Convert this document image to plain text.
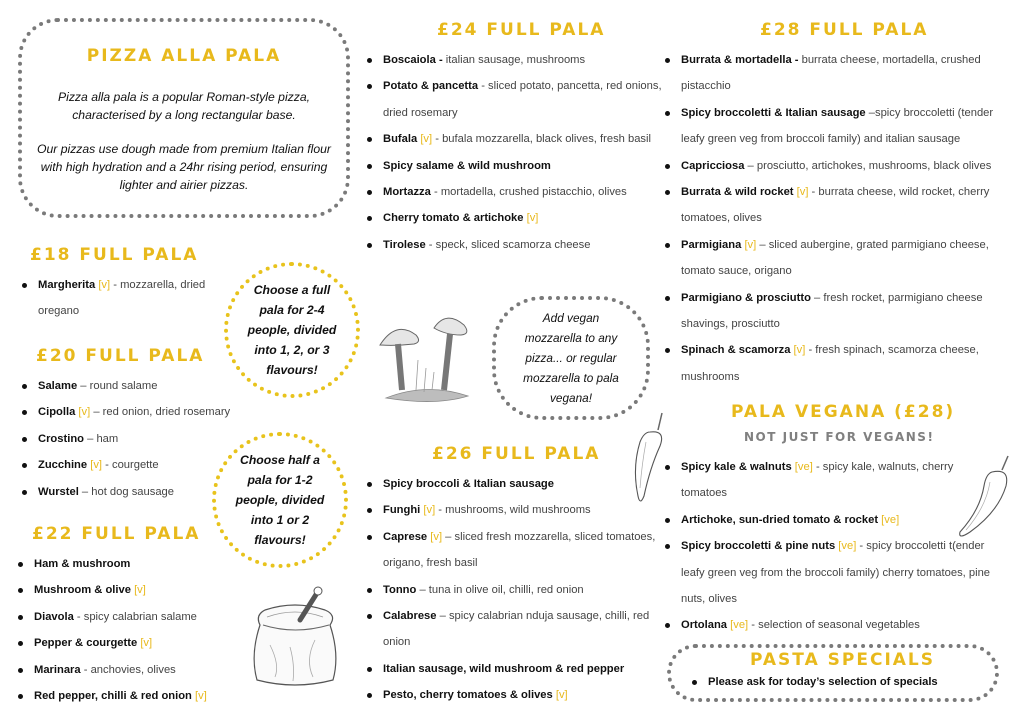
PIZZA ALLA PALA
Pizza alla pala is a popular Roman-style pizza, characterised by a long rectangular base.
Our pizzas use dough made from premium Italian flour with high hydration and a 24hr rising period, ensuring lighter and airier pizzas.
£18 FULL PALA
Margherita [v] - mozzarella, dried oregano
£20 FULL PALA
Salame – round salame
Cipolla [v] – red onion, dried rosemary
Crostino – ham
Zucchine [v] - courgette
Wurstel – hot dog sausage
£22 FULL PALA
Ham & mushroom
Mushroom & olive [v]
Diavola - spicy calabrian salame
Pepper & courgette [v]
Marinara - anchovies, olives
Red pepper, chilli & red onion [v]
Choose a full pala for 2-4 people, divided into 1, 2, or 3 flavours!
Choose half a pala for 1-2 people, divided into 1 or 2 flavours!
£24 FULL PALA
Boscaiola - italian sausage, mushrooms
Potato & pancetta - sliced potato, pancetta, red onions, dried rosemary
Bufala [v] - bufala mozzarella, black olives, fresh basil
Spicy salame & wild mushroom
Mortazza - mortadella, crushed pistacchio, olives
Cherry tomato & artichoke [v]
Tirolese - speck, sliced scamorza cheese
Add vegan mozzarella to any pizza... or regular mozzarella to pala vegana!
£26 FULL PALA
Spicy broccoli & Italian sausage
Funghi [v] - mushrooms, wild mushrooms
Caprese [v] – sliced fresh mozzarella, sliced tomatoes, origano, fresh basil
Tonno – tuna in olive oil, chilli, red onion
Calabrese – spicy calabrian nduja sausage, chilli, red onion
Italian sausage, wild mushroom & red pepper
Pesto, cherry tomatoes & olives [v]
£28 FULL PALA
Burrata & mortadella - burrata cheese, mortadella, crushed pistacchio
Spicy broccoletti & Italian sausage –spicy broccoletti (tender leafy green veg from broccoli family) and italian sausage
Capricciosa – prosciutto, artichokes, mushrooms, black olives
Burrata & wild rocket [v] - burrata cheese, wild rocket, cherry tomatoes, olives
Parmigiana [v] – sliced aubergine, grated parmigiano cheese, tomato sauce, origano
Parmigiano & prosciutto – fresh rocket, parmigiano cheese shavings, prosciutto
Spinach & scamorza [v] - fresh spinach, scamorza cheese, mushrooms
PALA VEGANA (£28)
NOT JUST FOR VEGANS!
Spicy kale & walnuts [ve] - spicy kale, walnuts, cherry tomatoes
Artichoke, sun-dried tomato & rocket [ve]
Spicy broccoletti & pine nuts [ve] - spicy broccoletti t(ender leafy green veg from the broccoli family) cherry tomatoes, pine nuts, olives
Ortolana [ve] - selection of seasonal vegetables
PASTA SPECIALS
Please ask for today’s selection of specials
